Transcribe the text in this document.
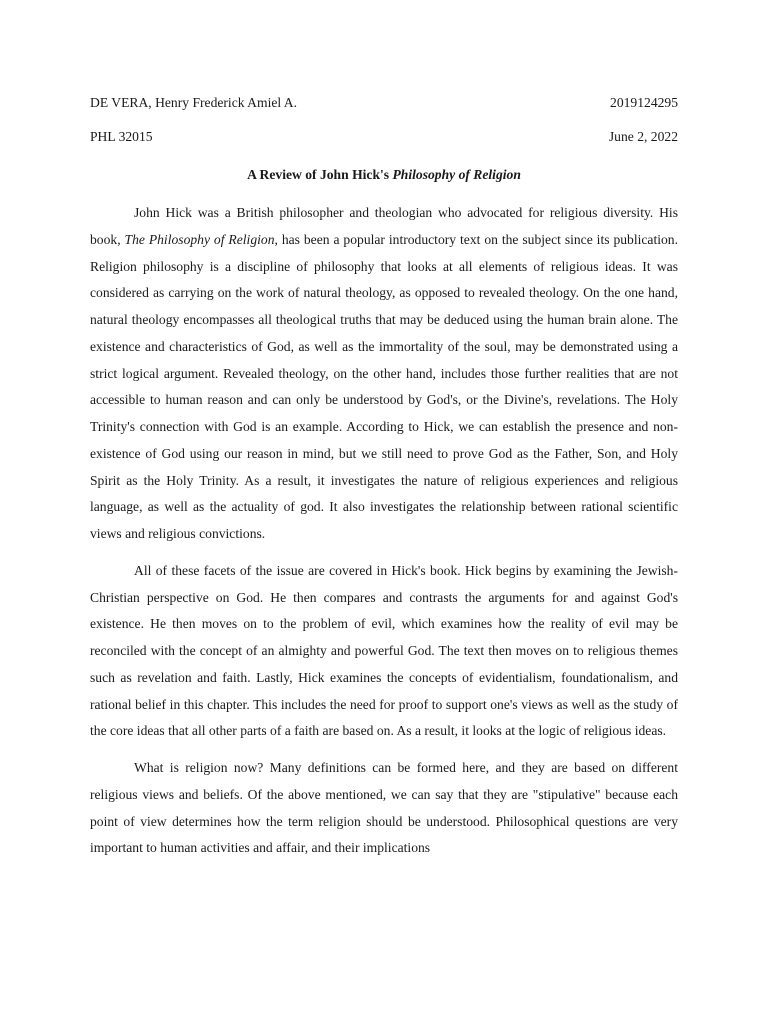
DE VERA, Henry Frederick Amiel A.	2019124295
PHL 32015	June 2, 2022
A Review of John Hick's Philosophy of Religion

John Hick was a British philosopher and theologian who advocated for religious diversity. His book, The Philosophy of Religion, has been a popular introductory text on the subject since its publication. Religion philosophy is a discipline of philosophy that looks at all elements of religious ideas. It was considered as carrying on the work of natural theology, as opposed to revealed theology. On the one hand, natural theology encompasses all theological truths that may be deduced using the human brain alone. The existence and characteristics of God, as well as the immortality of the soul, may be demonstrated using a strict logical argument. Revealed theology, on the other hand, includes those further realities that are not accessible to human reason and can only be understood by God's, or the Divine's, revelations. The Holy Trinity's connection with God is an example. According to Hick, we can establish the presence and non-existence of God using our reason in mind, but we still need to prove God as the Father, Son, and Holy Spirit as the Holy Trinity. As a result, it investigates the nature of religious experiences and religious language, as well as the actuality of god. It also investigates the relationship between rational scientific views and religious convictions.

All of these facets of the issue are covered in Hick's book. Hick begins by examining the Jewish-Christian perspective on God. He then compares and contrasts the arguments for and against God's existence. He then moves on to the problem of evil, which examines how the reality of evil may be reconciled with the concept of an almighty and powerful God. The text then moves on to religious themes such as revelation and faith. Lastly, Hick examines the concepts of evidentialism, foundationalism, and rational belief in this chapter. This includes the need for proof to support one's views as well as the study of the core ideas that all other parts of a faith are based on. As a result, it looks at the logic of religious ideas.

What is religion now? Many definitions can be formed here, and they are based on different religious views and beliefs. Of the above mentioned, we can say that they are "stipulative" because each point of view determines how the term religion should be understood. Philosophical questions are very important to human activities and affair, and their implications
